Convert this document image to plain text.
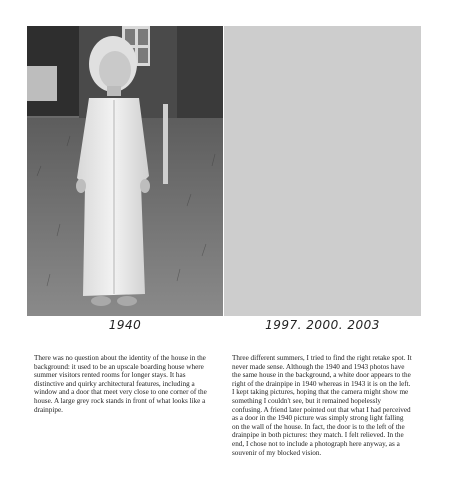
1940	1997. 2000. 2003

There was no question about the identity of the house in the background: it used to be an upscale boarding house where summer visitors rented rooms for longer stays. It has distinctive and quirky architectural features, including a window and a door that meet very close to one corner of the house. A large grey rock stands in front of what looks like a drainpipe.

Three different summers, I tried to find the right retake spot. It never made sense. Although the 1940 and 1943 photos have the same house in the background, a white door appears to the right of the drainpipe in 1940 whereas in 1943 it is on the left. I kept taking pictures, hoping that the camera might show me something I couldn't see, but it remained hopelessly confusing. A friend later pointed out that what I had perceived as a door in the 1940 picture was simply strong light falling on the wall of the house. In fact, the door is to the left of the drainpipe in both pictures: they match. I felt relieved. In the end, I chose not to include a photograph here anyway, as a souvenir of my blocked vision.
